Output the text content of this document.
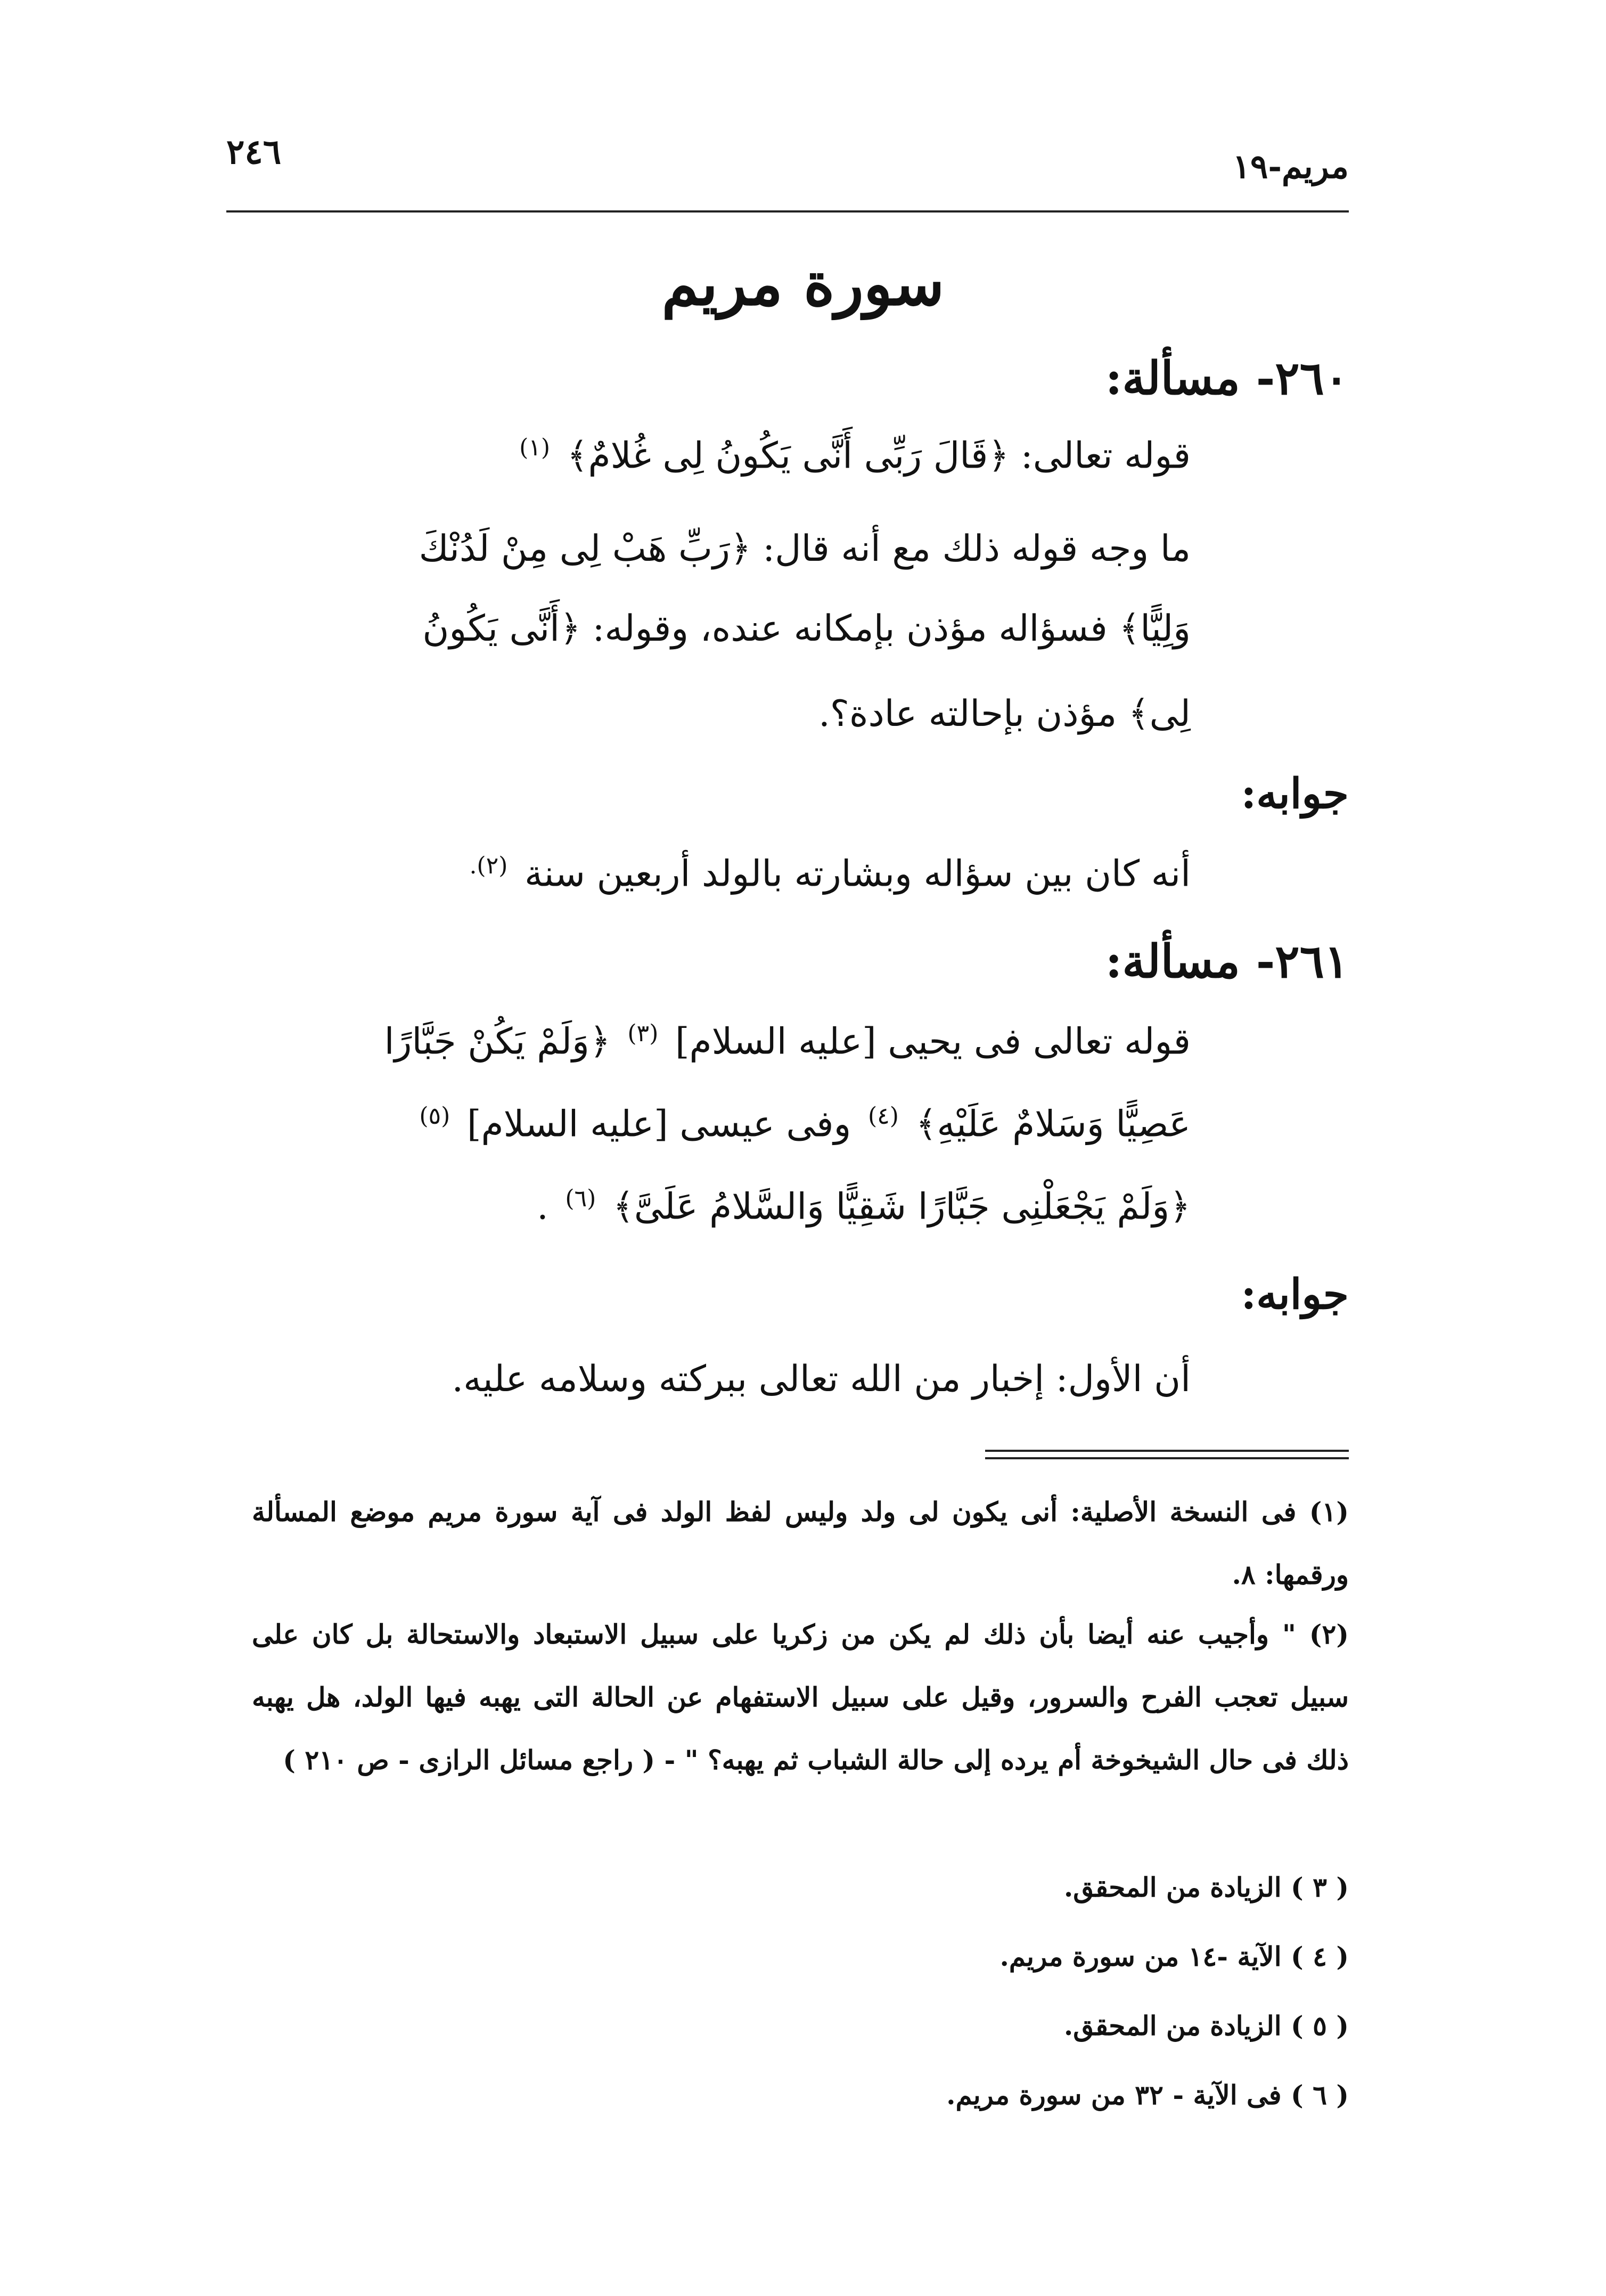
٢٤٦	مريم-١٩
سورة مريم
٢٦٠- مسألة:
قوله تعالى: ﴿قَالَ رَبِّى أَنَّى يَكُونُ لِى غُلامٌ﴾ $^{(١)}$
ما وجه قوله ذلك مع أنه قال: ﴿رَبِّ هَبْ لِى مِنْ لَدُنْكَ
وَلِيًّا﴾ فسؤاله مؤذن بإمكانه عنده، وقوله: ﴿أَنَّى يَكُونُ
لِى﴾ مؤذن بإحالته عادة؟.
جوابه:
أنه كان بين سؤاله وبشارته بالولد أربعين سنة $^{(٢).}$
٢٦١- مسألة:
قوله تعالى فى يحيى [عليه السلام] $^{(٣)}$ ﴿وَلَمْ يَكُنْ جَبَّارًا
عَصِيًّا وَسَلامٌ عَلَيْهِ﴾ $^{(٤)}$ وفى عيسى [عليه السلام] $^{(٥)}$
﴿وَلَمْ يَجْعَلْنِى جَبَّارًا شَقِيًّا وَالسَّلامُ عَلَىَّ﴾ $^{(٦)}$ .
جوابه:
أن الأول: إخبار من الله تعالى ببركته وسلامه عليه.
(١) فى النسخة الأصلية: أنى يكون لى ولد وليس لفظ الولد فى آية سورة مريم موضع المسألة ورقمها: ٨.
(٢) " وأجيب عنه أيضا بأن ذلك لم يكن من زكريا على سبيل الاستبعاد والاستحالة بل كان على سبيل تعجب الفرح والسرور، وقيل على سبيل الاستفهام عن الحالة التى يهبه فيها الولد، هل يهبه ذلك فى حال الشيخوخة أم يرده إلى حالة الشباب ثم يهبه؟ " - ( راجع مسائل الرازى - ص ٢١٠ )
( ٣ ) الزيادة من المحقق.
( ٤ ) الآية -١٤ من سورة مريم.
( ٥ ) الزيادة من المحقق.
( ٦ ) فى الآية - ٣٢ من سورة مريم.
